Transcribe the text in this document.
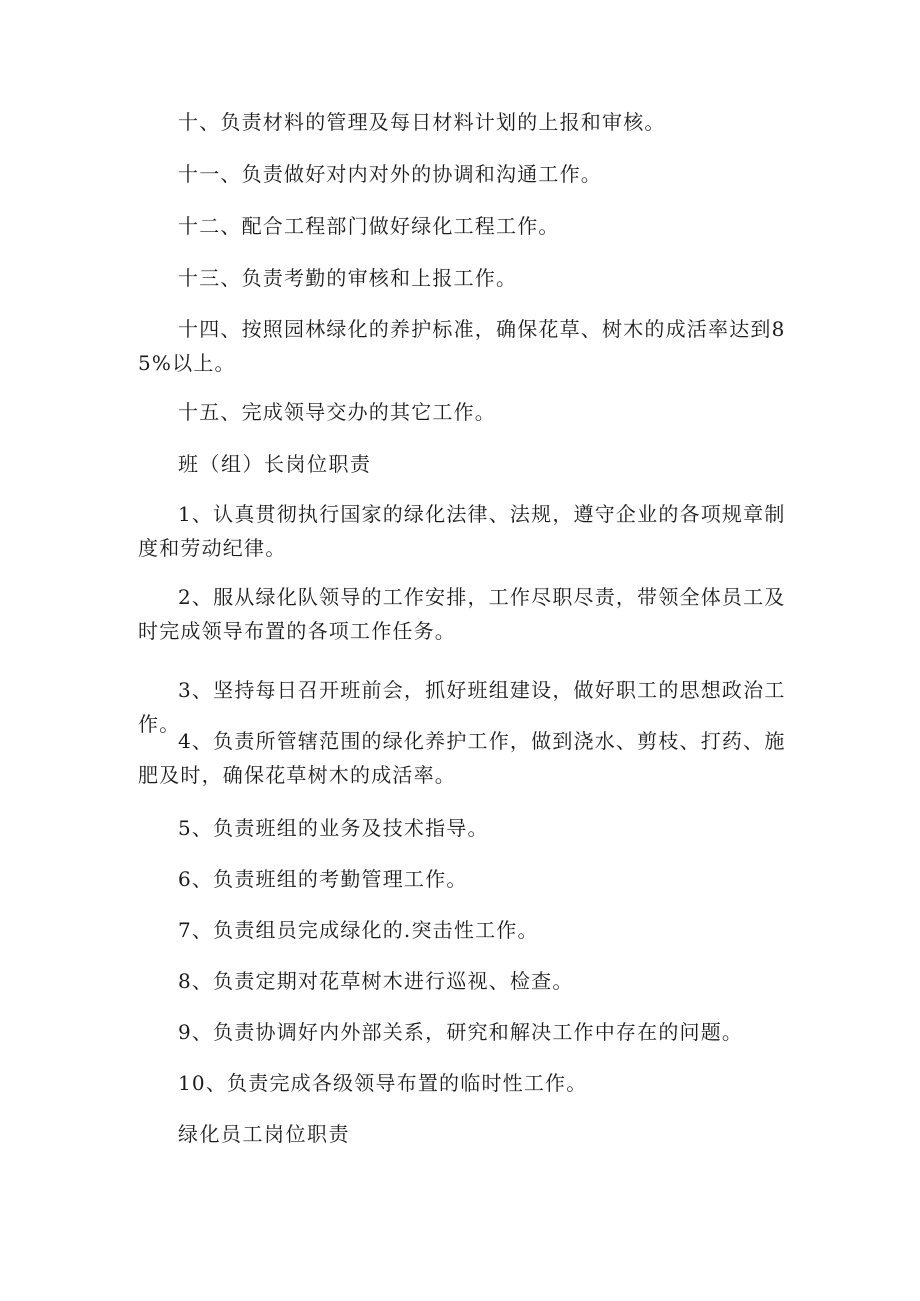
十、负责材料的管理及每日材料计划的上报和审核。

十一、负责做好对内对外的协调和沟通工作。

十二、配合工程部门做好绿化工程工作。

十三、负责考勤的审核和上报工作。

十四、按照园林绿化的养护标准，确保花草、树木的成活率达到85%以上。

十五、完成领导交办的其它工作。

班（组）长岗位职责

1、认真贯彻执行国家的绿化法律、法规，遵守企业的各项规章制度和劳动纪律。

2、服从绿化队领导的工作安排，工作尽职尽责，带领全体员工及时完成领导布置的各项工作任务。

3、坚持每日召开班前会，抓好班组建设，做好职工的思想政治工作。

4、负责所管辖范围的绿化养护工作，做到浇水、剪枝、打药、施肥及时，确保花草树木的成活率。

5、负责班组的业务及技术指导。

6、负责班组的考勤管理工作。

7、负责组员完成绿化的.突击性工作。

8、负责定期对花草树木进行巡视、检查。

9、负责协调好内外部关系，研究和解决工作中存在的问题。

10、负责完成各级领导布置的临时性工作。

绿化员工岗位职责
